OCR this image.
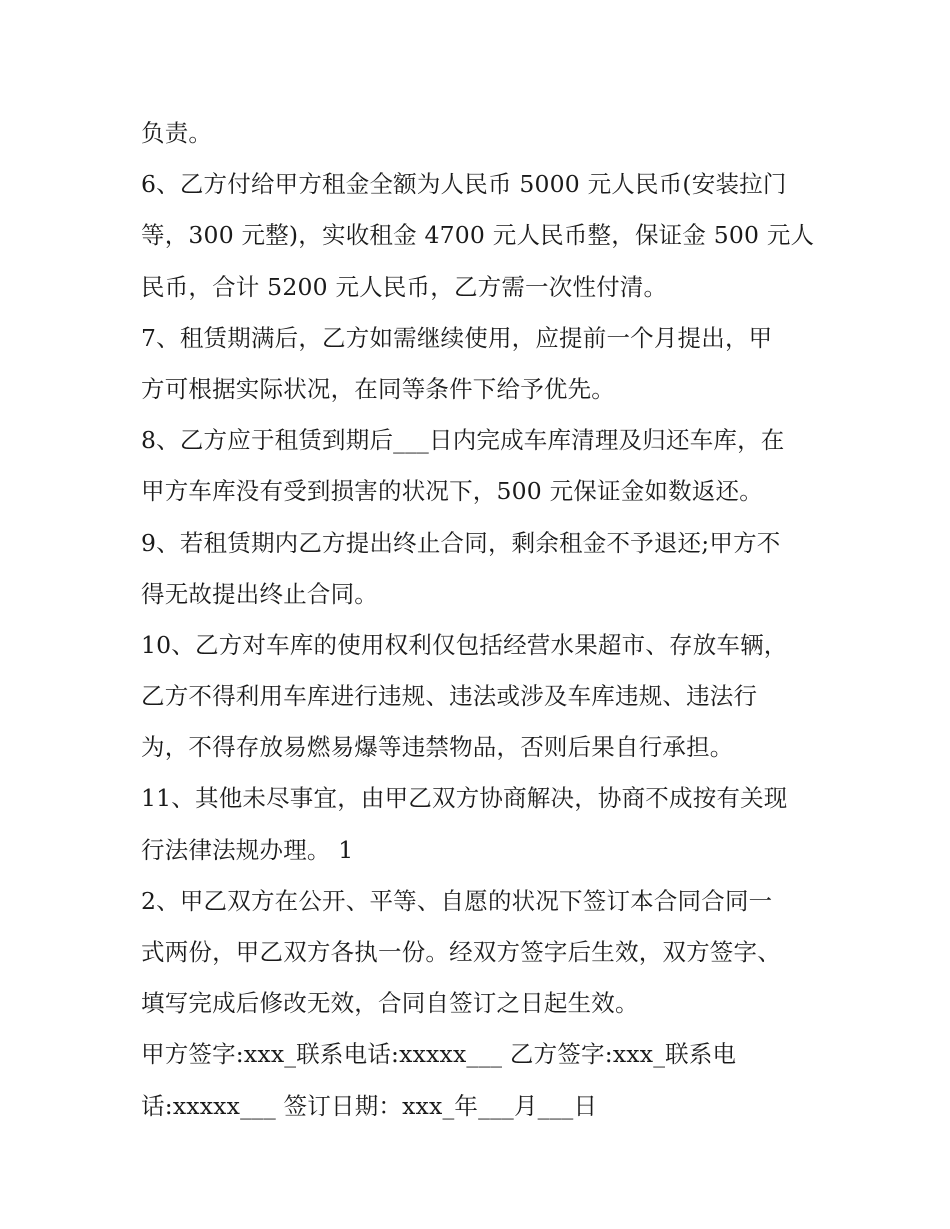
负责。
6、乙方付给甲方租金全额为人民币 5000 元人民币(安装拉门
等，300 元整)，实收租金 4700 元人民币整，保证金 500 元人
民币，合计 5200 元人民币，乙方需一次性付清。
7、租赁期满后，乙方如需继续使用，应提前一个月提出，甲
方可根据实际状况，在同等条件下给予优先。
8、乙方应于租赁到期后___日内完成车库清理及归还车库，在
甲方车库没有受到损害的状况下，500 元保证金如数返还。
9、若租赁期内乙方提出终止合同，剩余租金不予退还;甲方不
得无故提出终止合同。
10、乙方对车库的使用权利仅包括经营水果超市、存放车辆，
乙方不得利用车库进行违规、违法或涉及车库违规、违法行
为，不得存放易燃易爆等违禁物品，否则后果自行承担。
11、其他未尽事宜，由甲乙双方协商解决，协商不成按有关现
行法律法规办理。 1
2、甲乙双方在公开、平等、自愿的状况下签订本合同合同一
式两份，甲乙双方各执一份。经双方签字后生效，双方签字、
填写完成后修改无效，合同自签订之日起生效。
甲方签字:xxx_联系电话:xxxxx___ 乙方签字:xxx_联系电
话:xxxxx___ 签订日期：xxx_年___月___日
